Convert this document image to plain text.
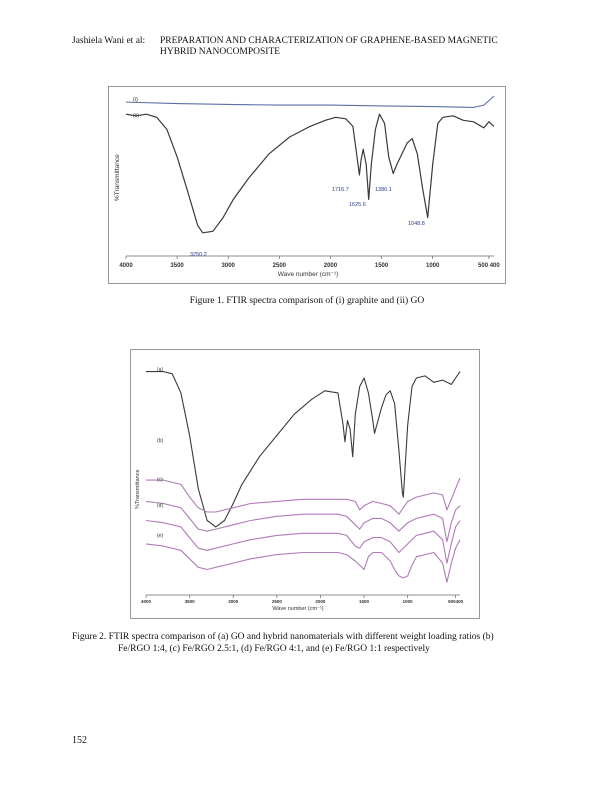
Jashiela Wani et al: PREPARATION AND CHARACTERIZATION OF GRAPHENE-BASED MAGNETIC
HYBRID NANOCOMPOSITE
4000	3500	3000	2500	2000	1500	1000	500 400
(i)
(ii)
3250.2
1716.7
1625.6
1386.1
1048.8
%Transmittance
Wave number (cm⁻¹)
Figure 1. FTIR spectra comparison of (i) graphite and (ii) GO
4000	3500	3000	2500	2000	1500	1000	500400
(a)
(b)
(c)
(d)
(e)
%Transmittance
Wave number (cm⁻¹)
Figure 2. FTIR spectra comparison of (a) GO and hybrid nanomaterials with different weight loading ratios (b)
Fe/RGO 1:4, (c) Fe/RGO 2.5:1, (d) Fe/RGO 4:1, and (e) Fe/RGO 1:1 respectively
152
